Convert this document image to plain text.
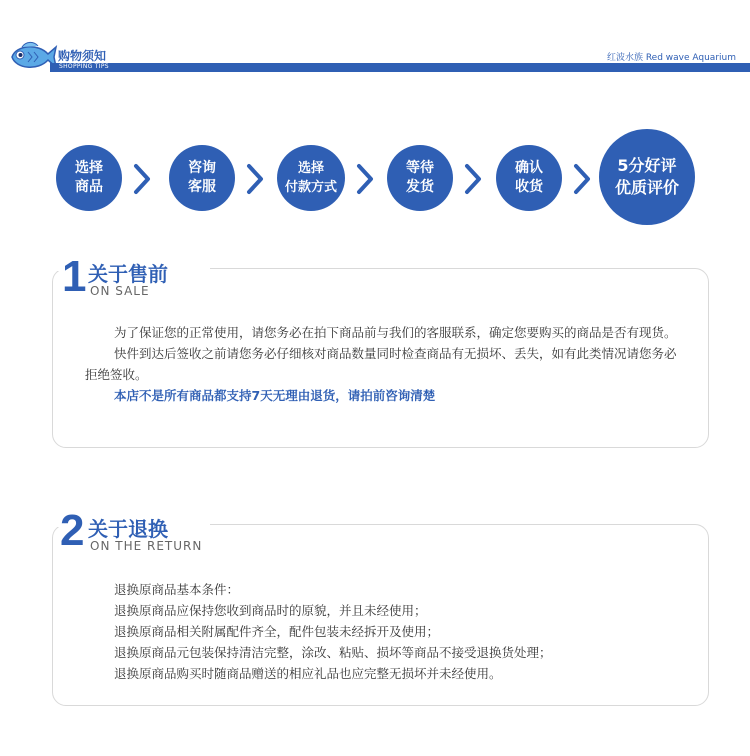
购物须知
SHOPPING TIPS
红波水族 Red wave Aquarium
选择
商品
咨询
客服
选择
付款方式
等待
发货
确认
收货
5分好评
优质评价
1 关于售前
ON SALE

为了保证您的正常使用，请您务必在拍下商品前与我们的客服联系，确定您要购买的商品是否有现货。

快件到达后签收之前请您务必仔细核对商品数量同时检查商品有无损坏、丢失，如有此类情况请您务必拒绝签收。

本店不是所有商品都支持7天无理由退货，请拍前咨询清楚

2 关于退换
ON THE RETURN

退换原商品基本条件：

退换原商品应保持您收到商品时的原貌，并且未经使用；

退换原商品相关附属配件齐全，配件包装未经拆开及使用；

退换原商品元包装保持清洁完整，涂改、粘贴、损坏等商品不接受退换货处理；

退换原商品购买时随商品赠送的相应礼品也应完整无损坏并未经使用。
